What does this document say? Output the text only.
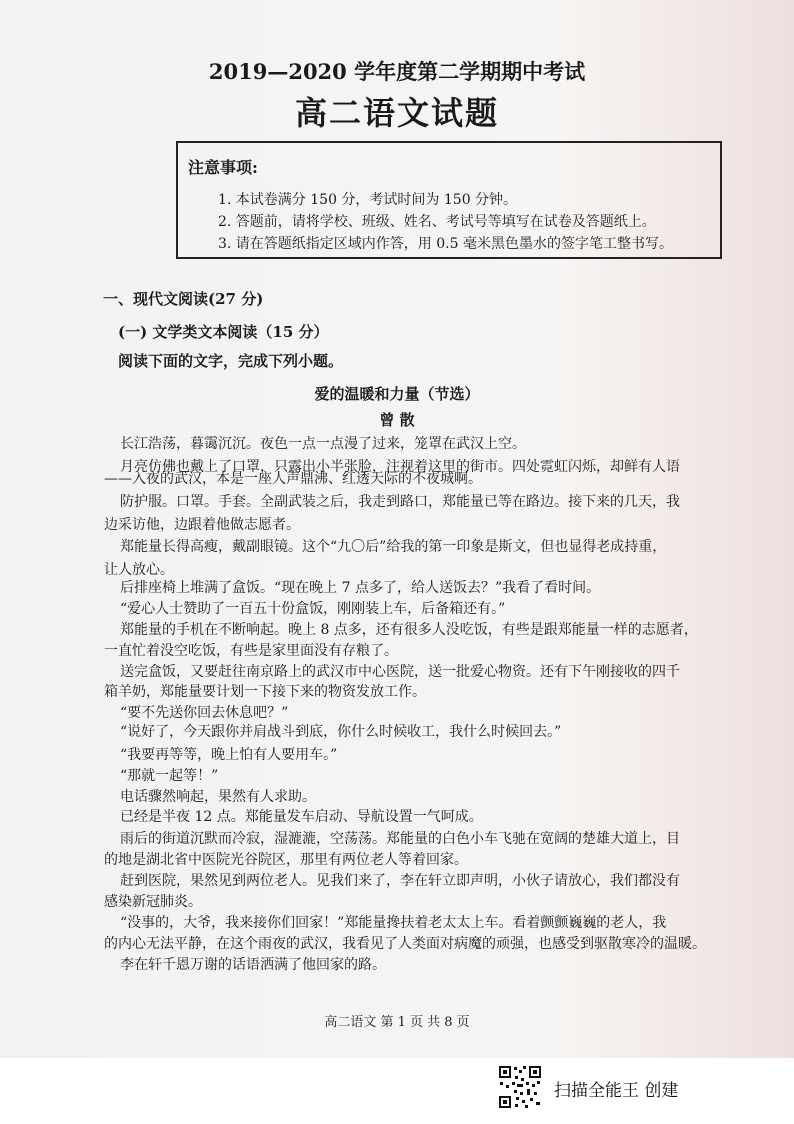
2019—2020 学年度第二学期期中考试
高二语文试题
注意事项:
1. 本试卷满分 150 分，考试时间为 150 分钟。
2. 答题前，请将学校、班级、姓名、考试号等填写在试卷及答题纸上。
3. 请在答题纸指定区域内作答，用 0.5 毫米黑色墨水的签字笔工整书写。
一、现代文阅读(27 分)
(一) 文学类文本阅读（15 分）
阅读下面的文字，完成下列小题。
爱的温暖和力量（节选）
曾 散
长江浩荡，暮霭沉沉。夜色一点一点漫了过来，笼罩在武汉上空。
月亮仿佛也戴上了口罩，只露出小半张脸，注视着这里的街市。四处霓虹闪烁，却鲜有人语
——入夜的武汉，本是一座人声鼎沸、红透天际的不夜城啊。
防护服。口罩。手套。全副武装之后，我走到路口，郑能量已等在路边。接下来的几天，我
边采访他，边跟着他做志愿者。
郑能量长得高瘦，戴副眼镜。这个“九〇后”给我的第一印象是斯文，但也显得老成持重，
让人放心。
后排座椅上堆满了盒饭。“现在晚上 7 点多了，给人送饭去？”我看了看时间。
“爱心人士赞助了一百五十份盒饭，刚刚装上车，后备箱还有。”
郑能量的手机在不断响起。晚上 8 点多，还有很多人没吃饭，有些是跟郑能量一样的志愿者，
一直忙着没空吃饭，有些是家里面没有存粮了。
送完盒饭，又要赶往南京路上的武汉市中心医院，送一批爱心物资。还有下午刚接收的四千
箱羊奶，郑能量要计划一下接下来的物资发放工作。
“要不先送你回去休息吧？”
“说好了，今天跟你并肩战斗到底，你什么时候收工，我什么时候回去。”
“我要再等等，晚上怕有人要用车。”
“那就一起等！”
电话骤然响起，果然有人求助。
已经是半夜 12 点。郑能量发车启动、导航设置一气呵成。
雨后的街道沉默而冷寂，湿漉漉，空荡荡。郑能量的白色小车飞驰在宽阔的楚雄大道上，目
的地是湖北省中医院光谷院区，那里有两位老人等着回家。
赶到医院，果然见到两位老人。见我们来了，李在轩立即声明，小伙子请放心，我们都没有
感染新冠肺炎。
“没事的，大爷，我来接你们回家！”郑能量搀扶着老太太上车。看着颤颤巍巍的老人，我
的内心无法平静，在这个雨夜的武汉，我看见了人类面对病魔的顽强，也感受到驱散寒冷的温暖。
李在轩千恩万谢的话语洒满了他回家的路。
高二语文 第 1 页 共 8 页
扫描全能王 创建
